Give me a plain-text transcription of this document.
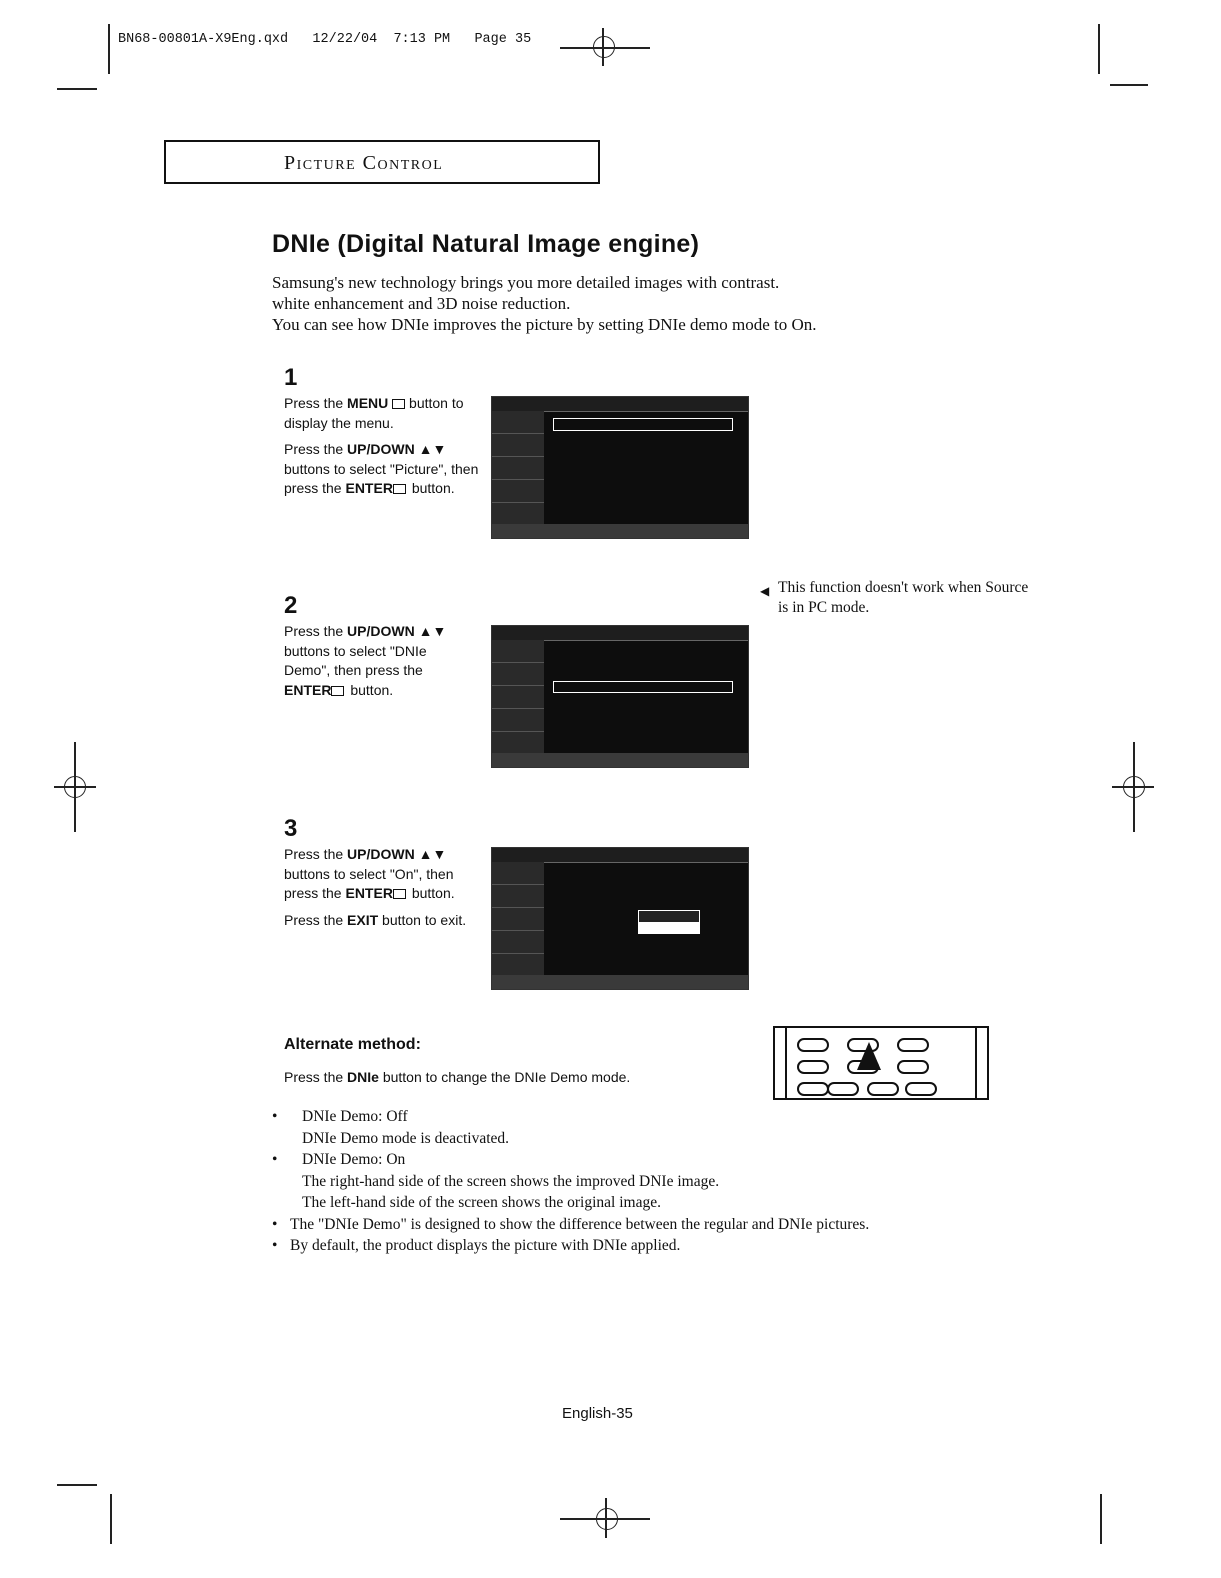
BN68-00801A-X9Eng.qxd   12/22/04  7:13 PM   Page 35
Picture Control
DNIe (Digital Natural Image engine)
Samsung's new technology brings you more detailed images with contrast.
white enhancement and 3D noise reduction.
You can see how DNIe improves the picture by setting DNIe demo mode to On.
1

Press the MENU  button to display the menu.

Press the UP/DOWN ▲▼ buttons to select "Picture", then press the ENTER button.

◀ This function doesn't work when Source is in PC mode.
2

Press the UP/DOWN ▲▼ buttons to select "DNIe Demo", then press the ENTER button.

3

Press the UP/DOWN ▲▼ buttons to select "On", then press the ENTER button.

Press the EXIT button to exit.

Alternate method:
Press the DNIe button to change the DNIe Demo mode.
• DNIe Demo: Off
DNIe Demo mode is deactivated.
• DNIe Demo: On
The right-hand side of the screen shows the improved DNIe image.
The left-hand side of the screen shows the original image.
• The "DNIe Demo" is designed to show the difference between the regular and DNIe pictures.
• By default, the product displays the picture with DNIe applied.
English-35
